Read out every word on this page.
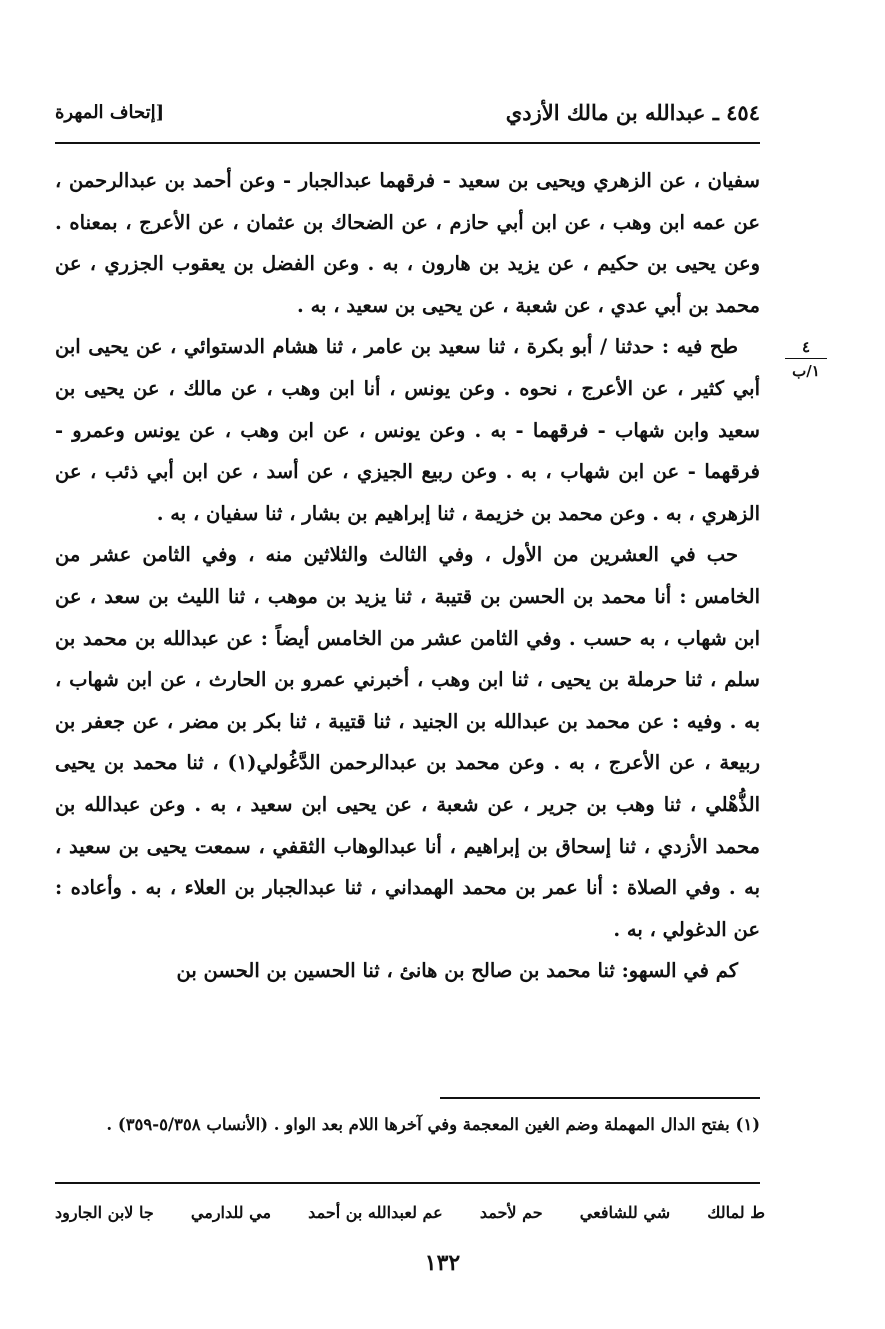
٤٥٤ ـ عبدالله بن مالك الأزدي
[إتحاف المهرة
٤
١/ب

سفيان ، عن الزهري ويحيى بن سعيد - فرقهما عبدالجبار - وعن أحمد بن عبدالرحمن ، عن عمه ابن وهب ، عن ابن أبي حازم ، عن الضحاك بن عثمان ، عن الأعرج ، بمعناه . وعن يحيى بن حكيم ، عن يزيد بن هارون ، به . وعن الفضل بن يعقوب الجزري ، عن محمد بن أبي عدي ، عن شعبة ، عن يحيى بن سعيد ، به .

طح فيه : حدثنا / أبو بكرة ، ثنا سعيد بن عامر ، ثنا هشام الدستوائي ، عن يحيى ابن أبي كثير ، عن الأعرج ، نحوه . وعن يونس ، أنا ابن وهب ، عن مالك ، عن يحيى بن سعيد وابن شهاب - فرقهما - به . وعن يونس ، عن ابن وهب ، عن يونس وعمرو - فرقهما - عن ابن شهاب ، به . وعن ربيع الجيزي ، عن أسد ، عن ابن أبي ذئب ، عن الزهري ، به . وعن محمد بن خزيمة ، ثنا إبراهيم بن بشار ، ثنا سفيان ، به .

حب في العشرين من الأول ، وفي الثالث والثلاثين منه ، وفي الثامن عشر من الخامس : أنا محمد بن الحسن بن قتيبة ، ثنا يزيد بن موهب ، ثنا الليث بن سعد ، عن ابن شهاب ، به حسب . وفي الثامن عشر من الخامس أيضاً : عن عبدالله بن محمد بن سلم ، ثنا حرملة بن يحيى ، ثنا ابن وهب ، أخبرني عمرو بن الحارث ، عن ابن شهاب ، به . وفيه : عن محمد بن عبدالله بن الجنيد ، ثنا قتيبة ، ثنا بكر بن مضر ، عن جعفر بن ربيعة ، عن الأعرج ، به . وعن محمد بن عبدالرحمن الدَّغُولي(١) ، ثنا محمد بن يحيى الذُّهْلي ، ثنا وهب بن جرير ، عن شعبة ، عن يحيى ابن سعيد ، به . وعن عبدالله بن محمد الأزدي ، ثنا إسحاق بن إبراهيم ، أنا عبدالوهاب الثقفي ، سمعت يحيى بن سعيد ، به . وفي الصلاة : أنا عمر بن محمد الهمداني ، ثنا عبدالجبار بن العلاء ، به . وأعاده : عن الدغولي ، به .

كم في السهو: ثنا محمد بن صالح بن هانئ ، ثنا الحسين بن الحسن بن

(١) بفتح الدال المهملة وضم الغين المعجمة وفي آخرها اللام بعد الواو . (الأنساب ٥/٣٥٨-٣٥٩) .
ط لمالك
شي للشافعي
حم لأحمد
عم لعبدالله بن أحمد
مي للدارمي
جا لابن الجارود
١٣٢
